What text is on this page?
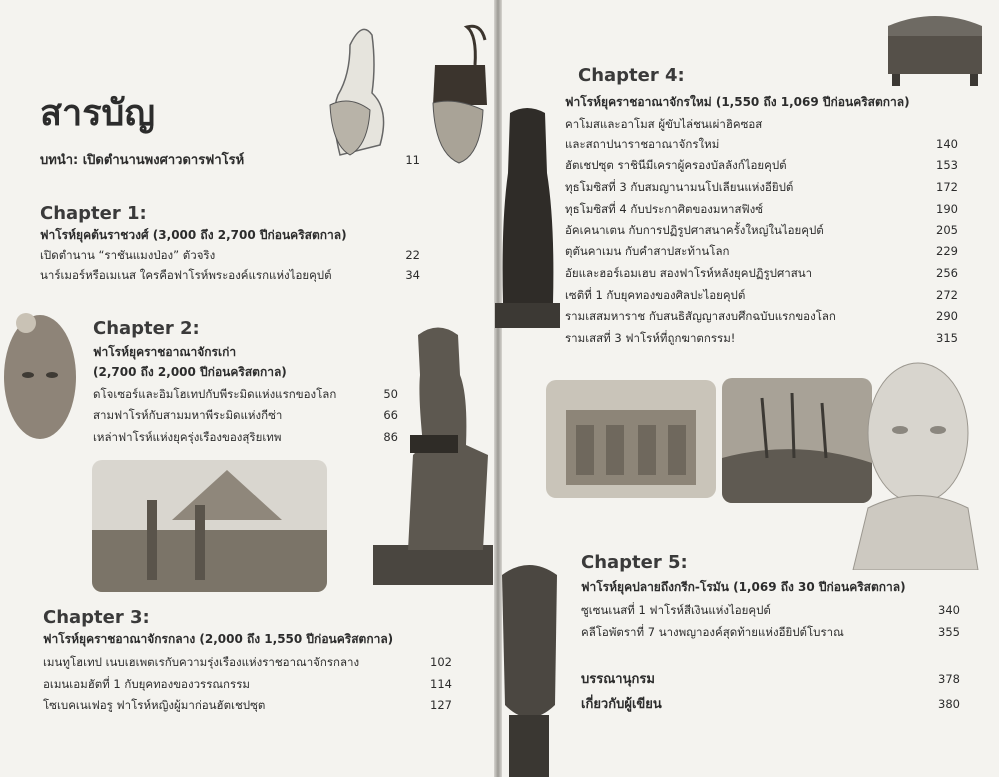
สารบัญ
บทนำ: เปิดตำนานพงศาวดารฟาโรห์	11
Chapter 1:
ฟาโรห์ยุคต้นราชวงศ์ (3,000 ถึง 2,700 ปีก่อนคริสตกาล)
เปิดตำนาน “ราชันแมงป่อง” ตัวจริง	22
นาร์เมอร์หรือเมเนส ใครคือฟาโรห์พระองค์แรกแห่งไอยคุปต์	34
Chapter 2:
ฟาโรห์ยุคราชอาณาจักรเก่า
(2,700 ถึง 2,000 ปีก่อนคริสตกาล)
ดโจเซอร์และอิมโฮเทปกับพีระมิดแห่งแรกของโลก	50
สามฟาโรห์กับสามมหาพีระมิดแห่งกีซ่า	66
เหล่าฟาโรห์แห่งยุครุ่งเรืองของสุริยเทพ	86
Chapter 3:
ฟาโรห์ยุคราชอาณาจักรกลาง (2,000 ถึง 1,550 ปีก่อนคริสตกาล)
เมนทูโฮเทป เนบเฮเพตเรกับความรุ่งเรืองแห่งราชอาณาจักรกลาง	102
อเมนเอมฮัตที่ 1 กับยุคทองของวรรณกรรม	114
โซเบคเนเฟอรู ฟาโรห์หญิงผู้มาก่อนฮัตเชปซุต	127
Chapter 4:
ฟาโรห์ยุคราชอาณาจักรใหม่ (1,550 ถึง 1,069 ปีก่อนคริสตกาล)
คาโมสและอาโมส ผู้ขับไล่ชนเผ่าฮิคซอส
และสถาปนาราชอาณาจักรใหม่	140
ฮัตเชปซุต ราชินีมีเคราผู้ครองบัลลังก์ไอยคุปต์	153
ทุธโมซิสที่ 3 กับสมญานามนโปเลียนแห่งอียิปต์	172
ทุธโมซิสที่ 4 กับประกาศิตของมหาสฟิงซ์	190
อัคเคนาเตน กับการปฏิรูปศาสนาครั้งใหญ่ในไอยคุปต์	205
ตุตันคาเมน กับคำสาปสะท้านโลก	229
อัยและฮอร์เอมเฮบ สองฟาโรห์หลังยุคปฏิรูปศาสนา	256
เซติที่ 1 กับยุคทองของศิลปะไอยคุปต์	272
รามเสสมหาราช กับสนธิสัญญาสงบศึกฉบับแรกของโลก	290
รามเสสที่ 3 ฟาโรห์ที่ถูกฆาตกรรม!	315
Chapter 5:
ฟาโรห์ยุคปลายถึงกรีก-โรมัน (1,069 ถึง 30 ปีก่อนคริสตกาล)
ซูเซนเนสที่ 1 ฟาโรห์สีเงินแห่งไอยคุปต์	340
คลีโอพัตราที่ 7 นางพญาองค์สุดท้ายแห่งอียิปต์โบราณ	355
บรรณานุกรม	378
เกี่ยวกับผู้เขียน	380
